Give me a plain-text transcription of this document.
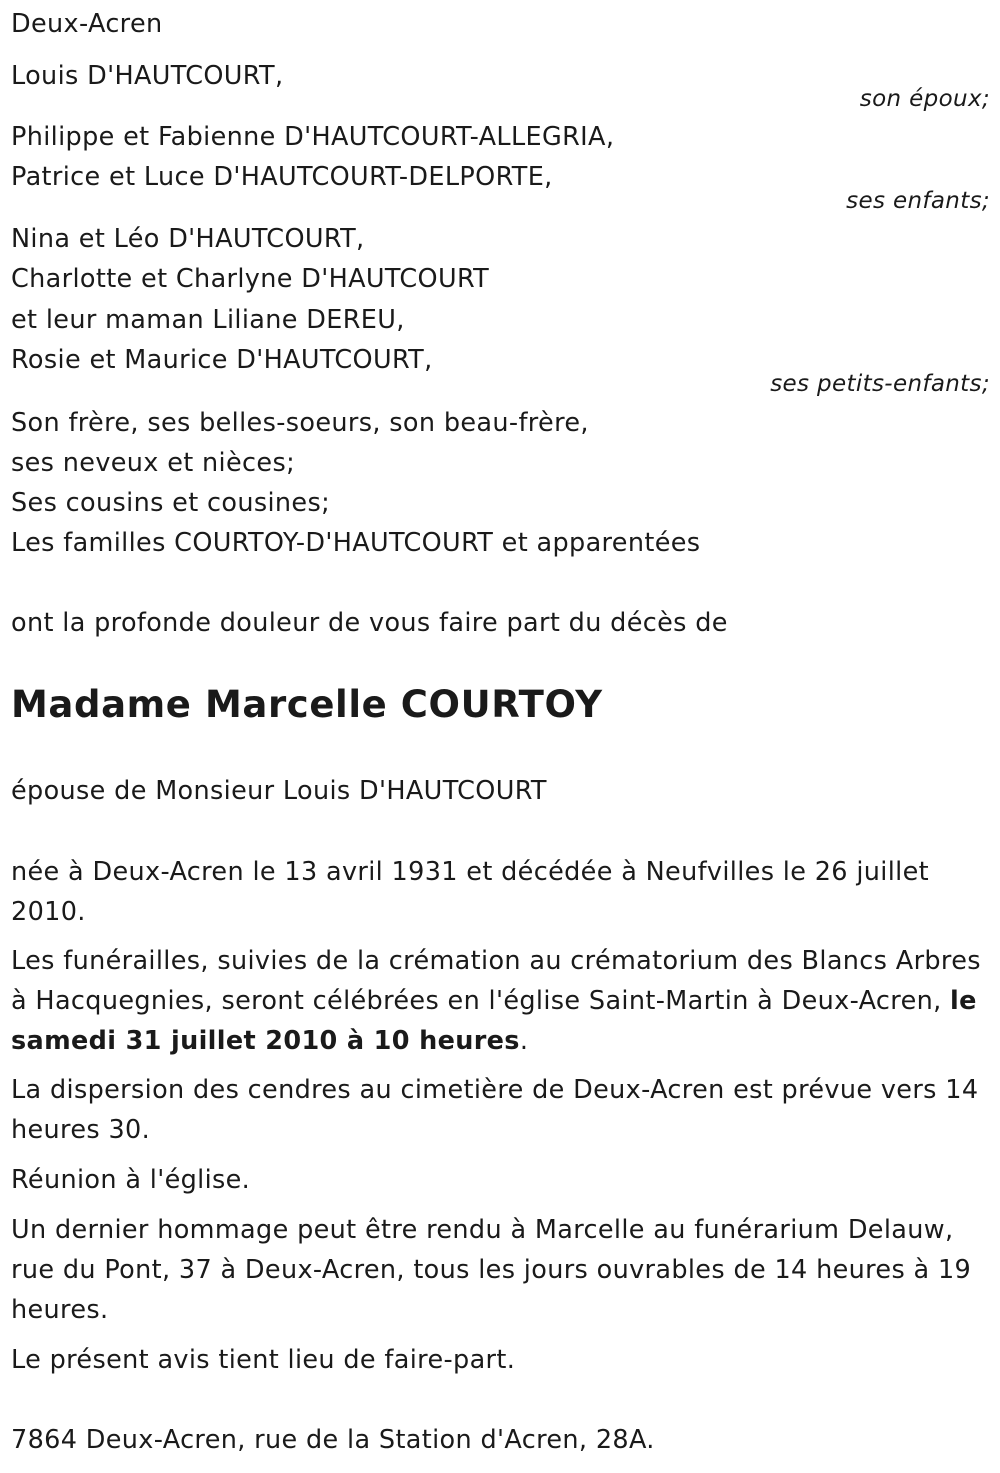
Deux-Acren
Louis D'HAUTCOURT,
son époux;
Philippe et Fabienne D'HAUTCOURT-ALLEGRIA,
Patrice et Luce D'HAUTCOURT-DELPORTE,
ses enfants;
Nina et Léo D'HAUTCOURT,
Charlotte et Charlyne D'HAUTCOURT
et leur maman Liliane DEREU,
Rosie et Maurice D'HAUTCOURT,
ses petits-enfants;
Son frère, ses belles-soeurs, son beau-frère,
ses neveux et nièces;
Ses cousins et cousines;
Les familles COURTOY-D'HAUTCOURT et apparentées
ont la profonde douleur de vous faire part du décès de
Madame Marcelle COURTOY
épouse de Monsieur Louis D'HAUTCOURT
née à Deux-Acren le 13 avril 1931 et décédée à Neufvilles le 26 juillet 2010.
Les funérailles, suivies de la crémation au crématorium des Blancs Arbres à Hacquegnies, seront célébrées en l'église Saint-Martin à Deux-Acren, le samedi 31 juillet 2010 à 10 heures.
La dispersion des cendres au cimetière de Deux-Acren est prévue vers 14 heures 30.
Réunion à l'église.
Un dernier hommage peut être rendu à Marcelle au funérarium Delauw, rue du Pont, 37 à Deux-Acren, tous les jours ouvrables de 14 heures à 19 heures.
Le présent avis tient lieu de faire-part.
7864 Deux-Acren, rue de la Station d'Acren, 28A.
